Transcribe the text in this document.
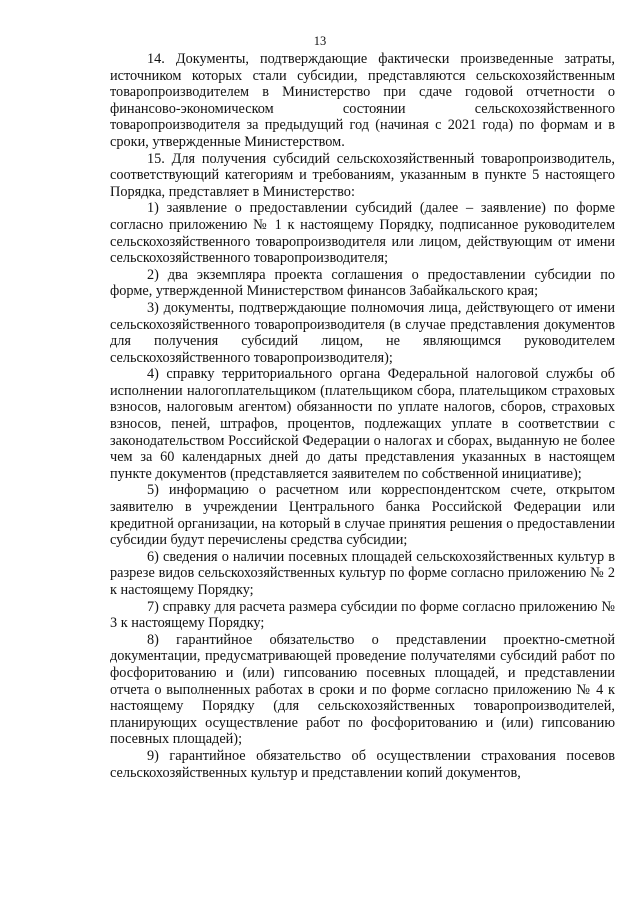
13

14. Документы, подтверждающие фактически произведенные затраты, источником которых стали субсидии, представляются сельскохозяйственным товаропроизводителем в Министерство при сдаче годовой отчетности о финансово-экономическом состоянии сельскохозяйственного товаропроизводителя за предыдущий год (начиная с 2021 года) по формам и в сроки, утвержденные Министерством.

15. Для получения субсидий сельскохозяйственный товаропроизводитель, соответствующий категориям и требованиям, указанным в пункте 5 настоящего Порядка, представляет в Министерство:

1) заявление о предоставлении субсидий (далее – заявление) по форме согласно приложению № 1 к настоящему Порядку, подписанное руководителем сельскохозяйственного товаропроизводителя или лицом, действующим от имени сельскохозяйственного товаропроизводителя;

2) два экземпляра проекта соглашения о предоставлении субсидии по форме, утвержденной Министерством финансов Забайкальского края;

3) документы, подтверждающие полномочия лица, действующего от имени сельскохозяйственного товаропроизводителя (в случае представления документов для получения субсидий лицом, не являющимся руководителем сельскохозяйственного товаропроизводителя);

4) справку территориального органа Федеральной налоговой службы об исполнении налогоплательщиком (плательщиком сбора, плательщиком страховых взносов, налоговым агентом) обязанности по уплате налогов, сборов, страховых взносов, пеней, штрафов, процентов, подлежащих уплате в соответствии с законодательством Российской Федерации о налогах и сборах, выданную не более чем за 60 календарных дней до даты представления указанных в настоящем пункте документов (представляется заявителем по собственной инициативе);

5) информацию о расчетном или корреспондентском счете, открытом заявителю в учреждении Центрального банка Российской Федерации или кредитной организации, на который в случае принятия решения о предоставлении субсидии будут перечислены средства субсидии;

6) сведения о наличии посевных площадей сельскохозяйственных культур в разрезе видов сельскохозяйственных культур по форме согласно приложению № 2 к настоящему Порядку;

7) справку для расчета размера субсидии по форме согласно приложению № 3 к настоящему Порядку;

8) гарантийное обязательство о представлении проектно-сметной документации, предусматривающей проведение получателями субсидий работ по фосфоритованию и (или) гипсованию посевных площадей, и представлении отчета о выполненных работах в сроки и по форме согласно приложению № 4 к настоящему Порядку (для сельскохозяйственных товаропроизводителей, планирующих осуществление работ по фосфоритованию и (или) гипсованию посевных площадей);

9) гарантийное обязательство об осуществлении страхования посевов сельскохозяйственных культур и представлении копий документов,
